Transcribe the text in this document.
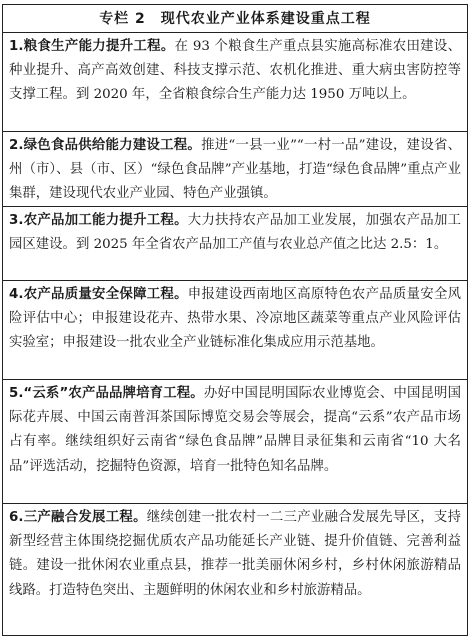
专栏 2　现代农业产业体系建设重点工程
1.粮食生产能力提升工程。在 93 个粮食生产重点县实施高标准农田建设、种业提升、高产高效创建、科技支撑示范、农机化推进、重大病虫害防控等支撑工程。到 2020 年，全省粮食综合生产能力达 1950 万吨以上。
2.绿色食品供给能力建设工程。推进“一县一业”“一村一品”建设，建设省、州（市）、县（市、区）“绿色食品牌”产业基地，打造“绿色食品牌”重点产业集群，建设现代农业产业园、特色产业强镇。
3.农产品加工能力提升工程。大力扶持农产品加工业发展，加强农产品加工园区建设。到 2025 年全省农产品加工产值与农业总产值之比达 2.5：1。
4.农产品质量安全保障工程。申报建设西南地区高原特色农产品质量安全风险评估中心；申报建设花卉、热带水果、冷凉地区蔬菜等重点产业风险评估实验室；申报建设一批农业全产业链标准化集成应用示范基地。
5.“云系”农产品品牌培育工程。办好中国昆明国际农业博览会、中国昆明国际花卉展、中国云南普洱茶国际博览交易会等展会，提高“云系”农产品市场占有率。继续组织好云南省“绿色食品牌”品牌目录征集和云南省“10 大名品”评选活动，挖掘特色资源，培育一批特色知名品牌。
6.三产融合发展工程。继续创建一批农村一二三产业融合发展先导区，支持新型经营主体围绕挖掘优质农产品功能延长产业链、提升价值链、完善利益链。建设一批休闲农业重点县，推荐一批美丽休闲乡村，乡村休闲旅游精品线路。打造特色突出、主题鲜明的休闲农业和乡村旅游精品。
